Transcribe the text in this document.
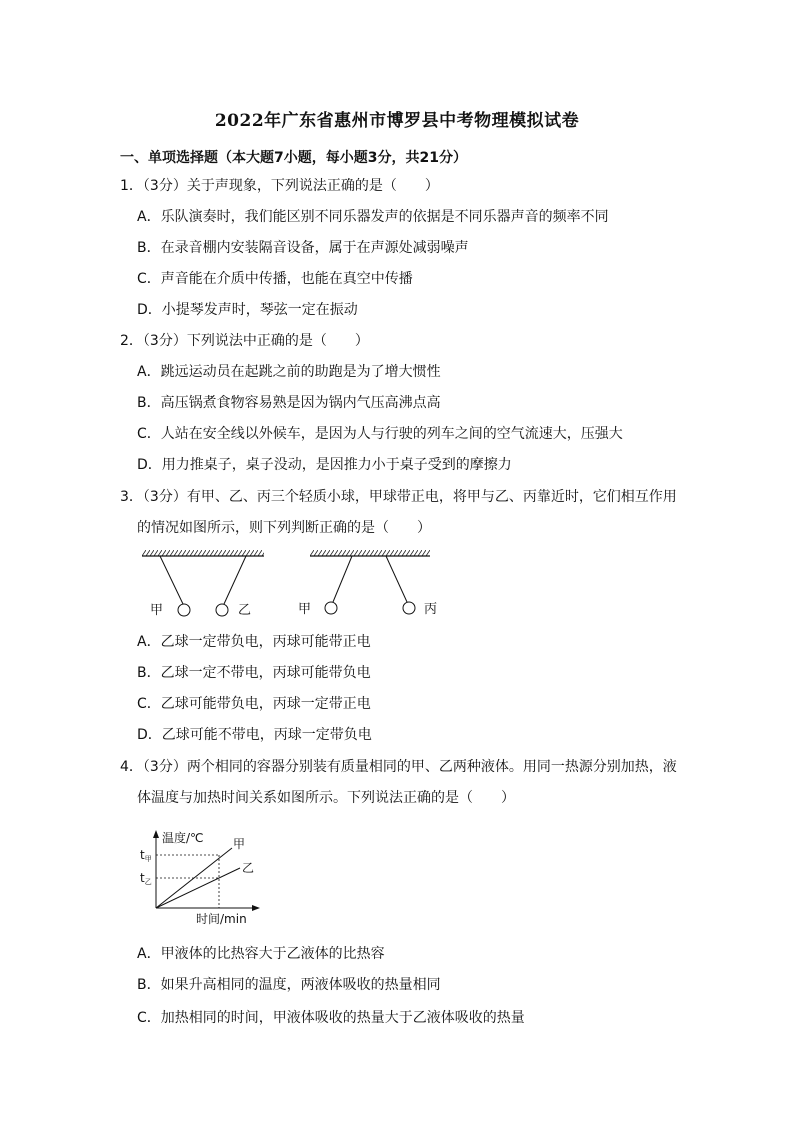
2022年广东省惠州市博罗县中考物理模拟试卷
一、单项选择题（本大题7小题，每小题3分，共21分）
1．（3分）关于声现象，下列说法正确的是（　　）
A．乐队演奏时，我们能区别不同乐器发声的依据是不同乐器声音的频率不同
B．在录音棚内安装隔音设备，属于在声源处减弱噪声
C．声音能在介质中传播，也能在真空中传播
D．小提琴发声时，琴弦一定在振动
2．（3分）下列说法中正确的是（　　）
A．跳远运动员在起跳之前的助跑是为了增大惯性
B．高压锅煮食物容易熟是因为锅内气压高沸点高
C．人站在安全线以外候车，是因为人与行驶的列车之间的空气流速大，压强大
D．用力推桌子，桌子没动，是因推力小于桌子受到的摩擦力
3．（3分）有甲、乙、丙三个轻质小球，甲球带正电，将甲与乙、丙靠近时，它们相互作用
的情况如图所示，则下列判断正确的是（　　）
甲	乙	甲	丙
A．乙球一定带负电，丙球可能带正电
B．乙球一定不带电，丙球可能带负电
C．乙球可能带负电，丙球一定带正电
D．乙球可能不带电，丙球一定带负电
4．（3分）两个相同的容器分别装有质量相同的甲、乙两种液体。用同一热源分别加热，液
体温度与加热时间关系如图所示。下列说法正确的是（　　）
温度/℃ 甲
乙
t甲
t乙
时间/min
A．甲液体的比热容大于乙液体的比热容
B．如果升高相同的温度，两液体吸收的热量相同
C．加热相同的时间，甲液体吸收的热量大于乙液体吸收的热量
